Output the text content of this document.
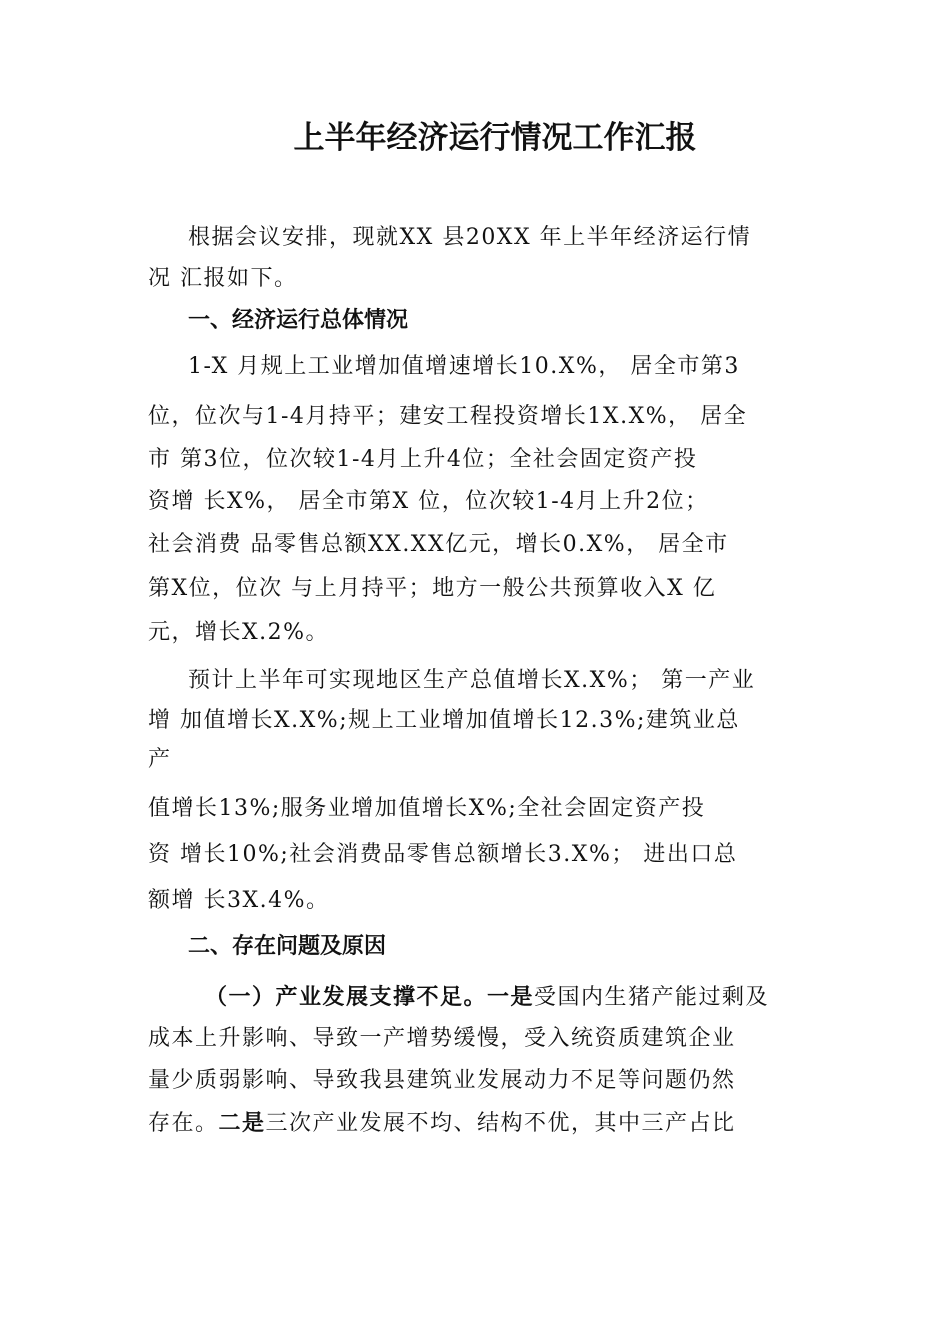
上半年经济运行情况工作汇报
根据会议安排，现就XX 县20XX 年上半年经济运行情
况 汇报如下。
一、经济运行总体情况
1-X 月规上工业增加值增速增长10.X%， 居全市第3
位，位次与1-4月持平；建安工程投资增长1X.X%， 居全
市 第3位，位次较1-4月上升4位；全社会固定资产投
资增 长X%， 居全市第X 位，位次较1-4月上升2位；
社会消费 品零售总额XX.XX亿元，增长0.X%， 居全市
第X位，位次 与上月持平；地方一般公共预算收入X 亿
元，增长X.2%。
预计上半年可实现地区生产总值增长X.X%； 第一产业
增 加值增长X.X%;规上工业增加值增长12.3%;建筑业总
产
值增长13%;服务业增加值增长X%;全社会固定资产投
资 增长10%;社会消费品零售总额增长3.X%； 进出口总
额增 长3X.4%。
二、存在问题及原因
（一）产业发展支撑不足。一是受国内生猪产能过剩及
成本上升影响、导致一产增势缓慢，受入统资质建筑企业
量少质弱影响、导致我县建筑业发展动力不足等问题仍然
存在。二是三次产业发展不均、结构不优，其中三产占比
